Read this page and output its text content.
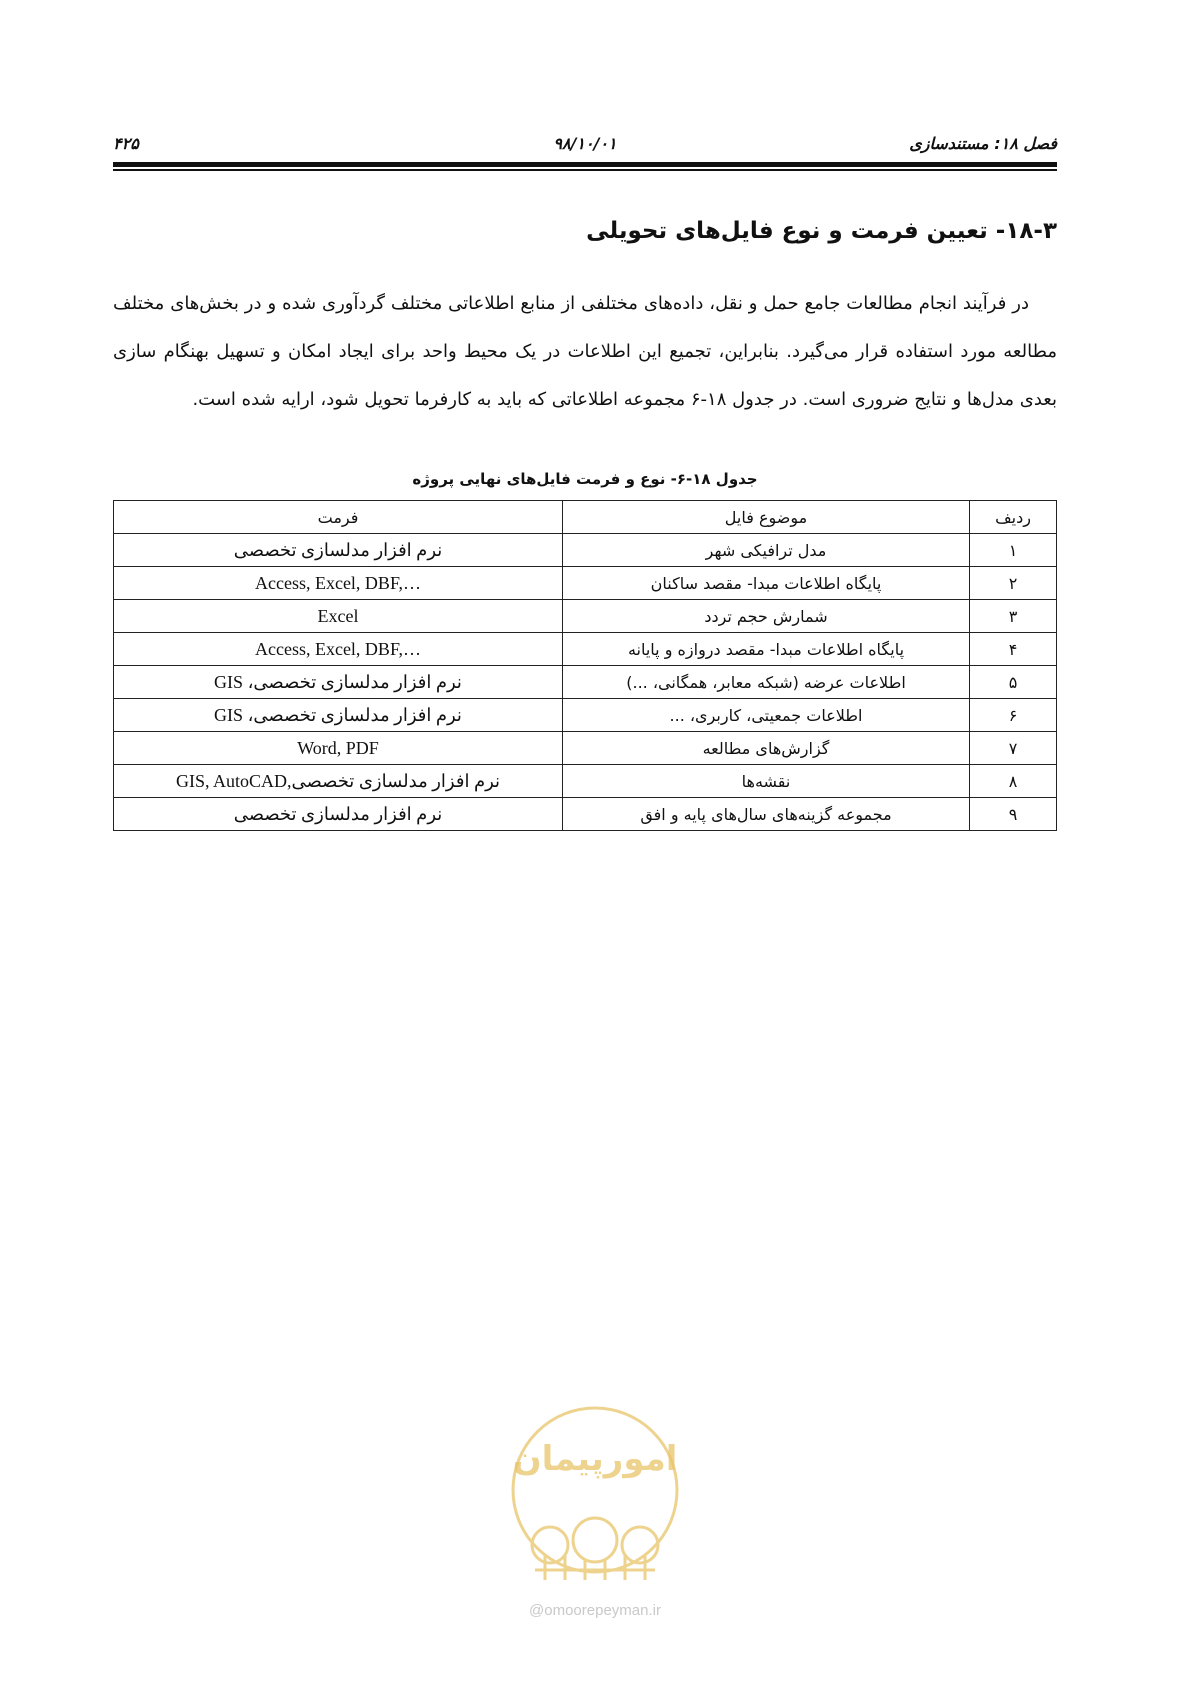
فصل ۱۸: مستندسازی
۹۸/۱۰/۰۱
۴۲۵
۱۸-۳- تعیین فرمت و نوع فایل‌های تحویلی
در فرآیند انجام مطالعات جامع حمل و نقل، داده‌های مختلفی از منابع اطلاعاتی مختلف گردآوری شده و در بخش‌های مختلف مطالعه مورد استفاده قرار می‌گیرد. بنابراین، تجمیع این اطلاعات در یک محیط واحد برای ایجاد امکان و تسهیل بهنگام سازی بعدی مدل‌ها و نتایج ضروری است. در جدول ۱۸-۶ مجموعه اطلاعاتی که باید به کارفرما تحویل شود، ارایه شده است.
جدول ۱۸-۶- نوع و فرمت فایل‌های نهایی پروژه
ردیف	موضوع فایل	فرمت
۱	مدل ترافیکی شهر	نرم افزار مدلسازی تخصصی
۲	پایگاه اطلاعات مبدا- مقصد ساکنان	Access, Excel, DBF,…
۳	شمارش حجم تردد	Excel
۴	پایگاه اطلاعات مبدا- مقصد دروازه و پایانه	Access, Excel, DBF,…
۵	اطلاعات عرضه (شبکه معابر، همگانی، ...)	نرم افزار مدلسازی تخصصی، GIS
۶	اطلاعات جمعیتی، کاربری، ...	نرم افزار مدلسازی تخصصی، GIS
۷	گزارش‌های مطالعه	Word, PDF
۸	نقشه‌ها	نرم افزار مدلسازی تخصصی,GIS, AutoCAD
۹	مجموعه گزینه‌های سال‌های پایه و افق	نرم افزار مدلسازی تخصصی
امورپیمان
@omoorepeyman.ir
